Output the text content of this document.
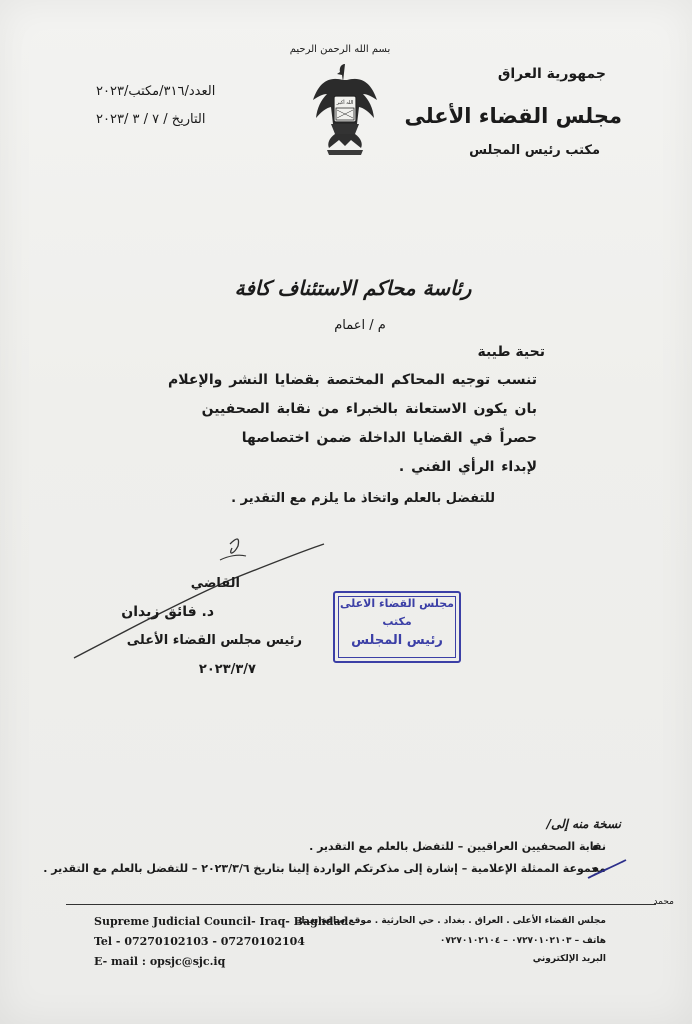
بسم الله الرحمن الرحيم
الله أكبر
جمهورية العراق
مجلس القضاء الأعلى
مكتب رئيس المجلس
العدد/٣١٦/مكتب/٢٠٢٣
التاريخ / ٧ / ٣ /٢٠٢٣
رئاسة محاكم الاستئناف كافة
م / اعمام
تحية طيبة
تنسب توجيه المحاكم المختصة بقضايا النشر والإعلام
بان يكون الاستعانة بالخبراء من نقابة الصحفيين
حصراً في القضايا الداخلة ضمن اختصاصها
لإبداء الرأي الفني .
للتفضل بالعلم واتخاذ ما يلزم مع التقدير .
القاضي
د. فائق زيدان
رئيس مجلس القضاء الأعلى
٢٠٢٣/٣/٧
مجلس القضاء الاعلى
مكتب
رئيس المجلس
نسخة منه إلى/
نقابة الصحفيين العراقيين – للتفضل بالعلم مع التقدير .
مجموعة الممثلة الإعلامية – إشارة إلى مذكرتكم الواردة إلينا بتاريخ ٢٠٢٣/٣/٦ – للتفضل بالعلم مع التقدير .
محمد
Supreme Judicial Council- Iraq- Baghdad
Tel - 07270102103 - 07270102104
E- mail : opsjc@sjc.iq
مجلس القضاء الأعلى . العراق . بغداد . حي الحارثية . موقع ساعة بغداد
هاتف – ٠٧٢٧٠١٠٢١٠٣ – ٠٧٢٧٠١٠٢١٠٤
البريد الإلكتروني
